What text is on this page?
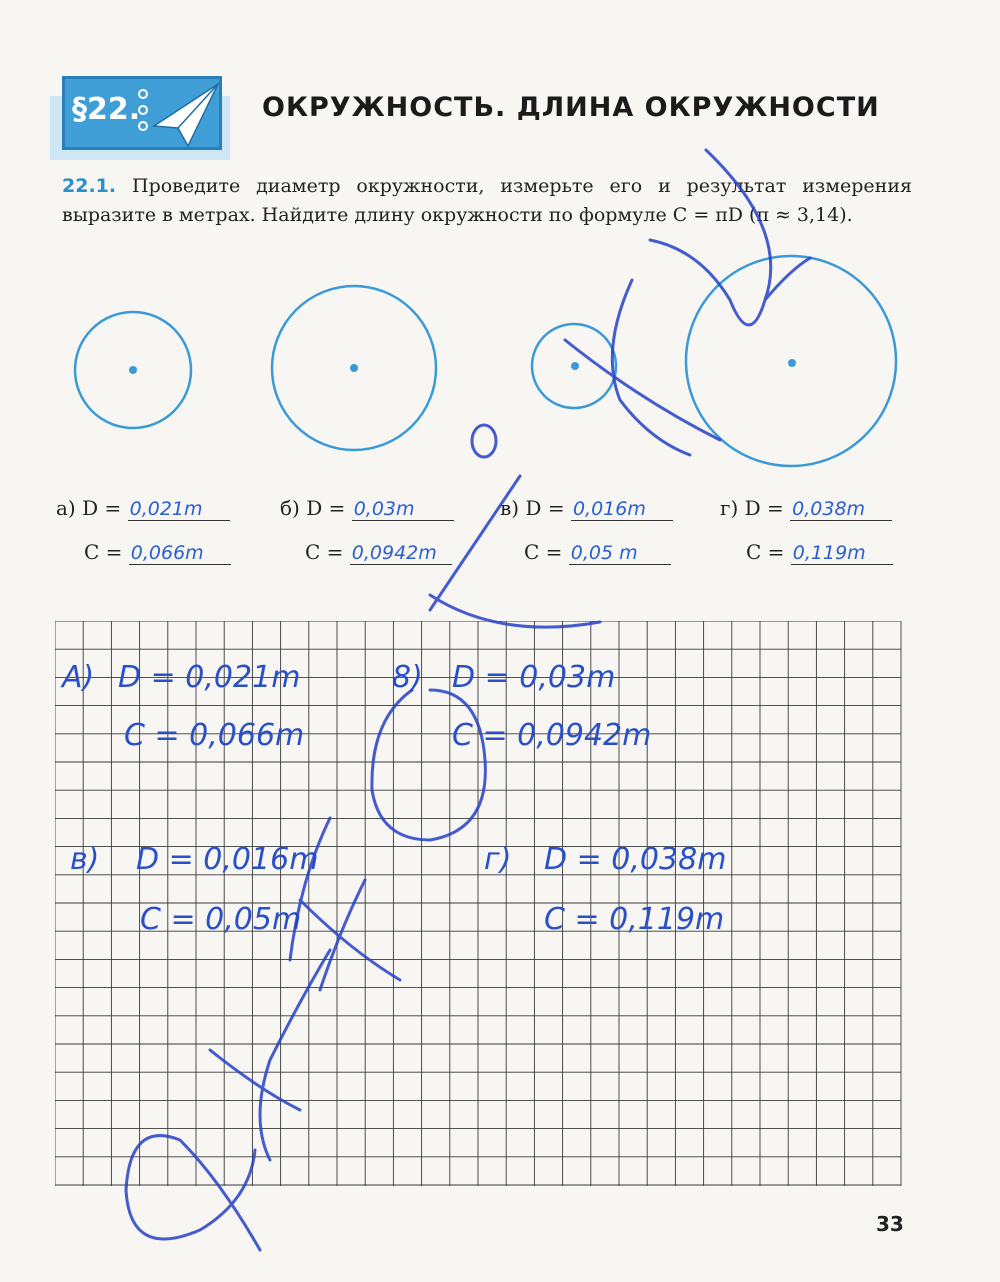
§22.	ОКРУЖНОСТЬ. ДЛИНА ОКРУЖНОСТИ
22.1. Проведите диаметр окружности, измерьте его и результат измерения выразите в метрах. Найдите длину окружности по формуле C = πD (π ≈ 3,14).
а) D = 0,021m
C = 0,066m
б) D = 0,03m
C = 0,0942m
в) D = 0,016m
C = 0,05 m
г) D = 0,038m
C = 0,119m
A) D = 0,021m
C = 0,066m
8) D = 0,03m
C = 0,0942m
в) D = 0,016m
C = 0,05m
г) D = 0,038m
C = 0,119m
33
